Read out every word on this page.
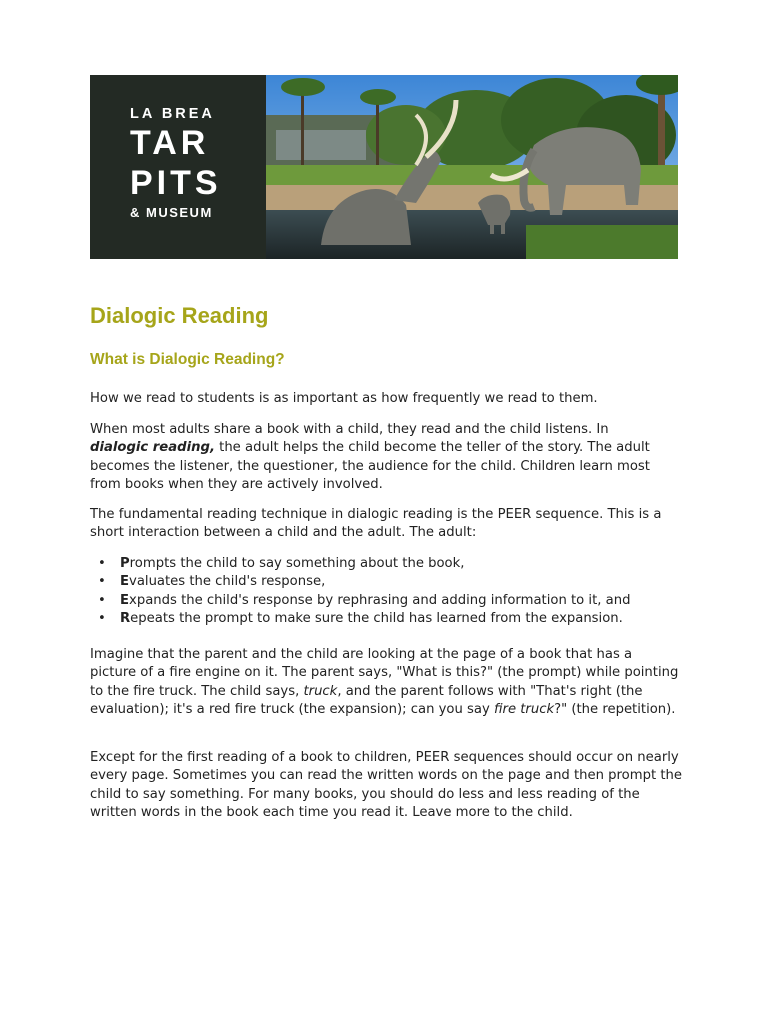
LA BREA
TAR
PITS
& MUSEUM
Dialogic Reading
What is Dialogic Reading?

How we read to students is as important as how frequently we read to them.

When most adults share a book with a child, they read and the child listens. In
dialogic reading, the adult helps the child become the teller of the story. The adult becomes the listener, the questioner, the audience for the child. Children learn most from books when they are actively involved.

The fundamental reading technique in dialogic reading is the PEER sequence. This is a short interaction between a child and the adult. The adult:

• Prompts the child to say something about the book,
• Evaluates the child's response,
• Expands the child's response by rephrasing and adding information to it, and
• Repeats the prompt to make sure the child has learned from the expansion.

Imagine that the parent and the child are looking at the page of a book that has a picture of a fire engine on it. The parent says, "What is this?" (the prompt) while pointing to the fire truck. The child says, truck, and the parent follows with "That's right (the evaluation); it's a red fire truck (the expansion); can you say fire truck?" (the repetition).

Except for the first reading of a book to children, PEER sequences should occur on nearly every page. Sometimes you can read the written words on the page and then prompt the child to say something. For many books, you should do less and less reading of the written words in the book each time you read it. Leave more to the child.
